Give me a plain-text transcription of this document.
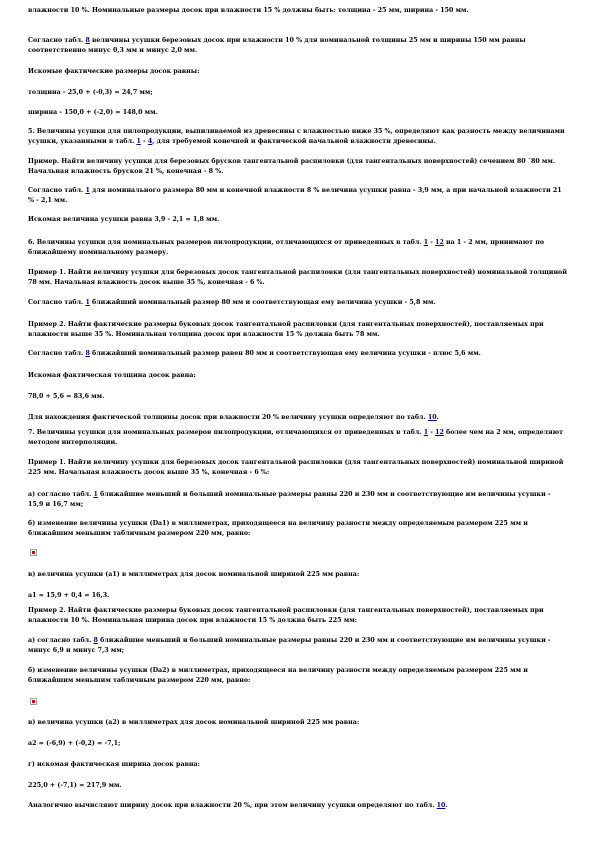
влажности 10 %. Номинальные размеры досок при влажности 15 % должны быть: толщина - 25 мм, ширина - 150 мм.
Согласно табл. 8 величины усушки березовых досок при влажности 10 % для номинальной толщины 25 мм и ширины 150 мм равны соответственно минус 0,3 мм и минус 2,0 мм.
Искомые фактические размеры досок равны:
толщина - 25,0 + (-0,3) = 24,7 мм;
ширина - 150,0 + (-2,0) = 148,0 мм.
5. Величины усушки для пилопродукции, выпиливаемой из древесины с влажностью ниже 35 %, определяют как разность между величинами усушки, указанными в табл. 1 - 4, для требуемой конечной и фактической начальной влажности древесины.
Пример. Найти величину усушки для березовых брусков тангентальной распиловки (для тангентальных поверхностей) сечением 80 ´80 мм. Начальная влажность брусков 21 %, конечная - 8 %.
Согласно табл. 1 для номинального размера 80 мм и конечной влажности 8 % величина усушки равна - 3,9 мм, а при начальной влажности 21 % - 2,1 мм.
Искомая величина усушки равна 3,9 - 2,1 = 1,8 мм.
6. Величины усушки для номинальных размеров пилопродукции, отличающихся от приведенных в табл. 1 - 12 на 1 - 2 мм, принимают по ближайшему номинальному размеру.
Пример 1. Найти величину усушки для березовых досок тангентальной распиловки (для тангентальных поверхностей) номинальной толщиной 78 мм. Начальная влажность досок выше 35 %, конечная - 6 %.
Согласно табл. 1 ближайший номинальный размер 80 мм и соответствующая ему величина усушки - 5,8 мм.
Пример 2. Найти фактические размеры буковых досок тангентальной распиловки (для тангентальных поверхностей), поставляемых при влажности выше 35 %. Номинальная толщина досок при влажности 15 % должна быть 78 мм.
Согласно табл. 8 ближайший номинальный размер равен 80 мм и соответствующая ему величина усушки - плюс 5,6 мм.
Искомая фактическая толщина досок равна:
78,0 + 5,6 = 83,6 мм.
Для нахождения фактической толщины досок при влажности 20 % величину усушки определяют по табл. 10.
7. Величины усушки для номинальных размеров пилопродукции, отличающихся от приведенных в табл. 1 - 12 более чем на 2 мм, определяют методом интерполяции.
Пример 1. Найти величину усушки для березовых досок тангентальной распиловки (для тангентальных поверхностей) номинальной шириной 225 мм. Начальная влажность досок выше 35 %, конечная - 6 %:
а) согласно табл. 1 ближайшие меньший и больший номинальные размеры равны 220 и 230 мм и соответствующие им величины усушки - 15,9 и 16,7 мм;
б) изменение величины усушки (Dа1) в миллиметрах, приходящееся на величину разности между определяемым размером 225 мм и ближайшим меньшим табличным размером 220 мм, равно:
в) величина усушки (а1) в миллиметрах для досок номинальной шириной 225 мм равна:
а1 = 15,9 + 0,4 = 16,3.
Пример 2. Найти фактические размеры буковых досок тангентальной распиловки (для тангентальных поверхностей), поставляемых при влажности 10 %. Номинальная ширина досок при влажности 15 % должна быть 225 мм:
а) согласно табл. 8 ближайшие меньший и больший номинальные размеры равны 220 и 230 мм и соответствующие им величины усушки - минус 6,9 и минус 7,3 мм;
б) изменение величины усушки (Dа2) в миллиметрах, приходящееся на величину разности между определяемым размером 225 мм и ближайшим меньшим табличным размером 220 мм, равно:
в) величина усушки (а2) в миллиметрах для досок номинальной шириной 225 мм равна:
а2 = (-6,9) + (-0,2) = -7,1;
г) искомая фактическая ширина досок равна:
225,0 + (-7,1) = 217,9 мм.
Аналогично вычисляют ширину досок при влажности 20 %, при этом величину усушки определяют по табл. 10.
